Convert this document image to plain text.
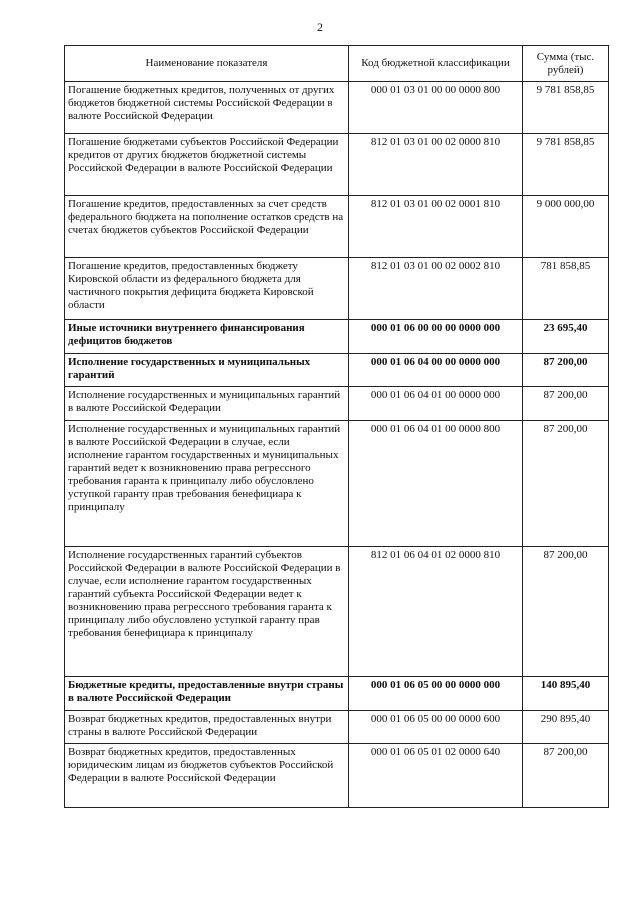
2
Наименование показателя	Код бюджетной классификации	Сумма (тыс. рублей)
Погашение бюджетных кредитов, полученных от других бюджетов бюджетной системы Российской Федерации в валюте Российской Федерации	000 01 03 01 00 00 0000 800	9 781 858,85
Погашение бюджетами субъектов Российской Федерации кредитов от других бюджетов бюджетной системы Российской Федерации в валюте Российской Федерации	812 01 03 01 00 02 0000 810	9 781 858,85
Погашение кредитов, предоставленных за счет средств федерального бюджета на пополнение остатков средств на счетах бюджетов субъектов Российской Федерации	812 01 03 01 00 02 0001 810	9 000 000,00
Погашение кредитов, предоставленных бюджету Кировской области из федерального бюджета для частичного покрытия дефицита бюджета Кировской области	812 01 03 01 00 02 0002 810	781 858,85
Иные источники внутреннего финансирования дефицитов бюджетов	000 01 06 00 00 00 0000 000	23 695,40
Исполнение государственных и муниципальных гарантий	000 01 06 04 00 00 0000 000	87 200,00
Исполнение государственных и муниципальных гарантий в валюте Российской Федерации	000 01 06 04 01 00 0000 000	87 200,00
Исполнение государственных и муниципальных гарантий в валюте Российской Федерации в случае, если исполнение гарантом государственных и муниципальных гарантий ведет к возникновению права регрессного требования гаранта к принципалу либо обусловлено уступкой гаранту прав требования бенефициара к принципалу	000 01 06 04 01 00 0000 800	87 200,00
Исполнение государственных гарантий субъектов Российской Федерации в валюте Российской Федерации в случае, если исполнение гарантом государственных гарантий субъекта Российской Федерации ведет к возникновению права регрессного требования гаранта к принципалу либо обусловлено уступкой гаранту прав требования бенефициара к принципалу	812 01 06 04 01 02 0000 810	87 200,00
Бюджетные кредиты, предоставленные внутри страны в валюте Российской Федерации	000 01 06 05 00 00 0000 000	140 895,40
Возврат бюджетных кредитов, предоставленных внутри страны в валюте Российской Федерации	000 01 06 05 00 00 0000 600	290 895,40
Возврат бюджетных кредитов, предоставленных юридическим лицам из бюджетов субъектов Российской Федерации в валюте Российской Федерации	000 01 06 05 01 02 0000 640	87 200,00
